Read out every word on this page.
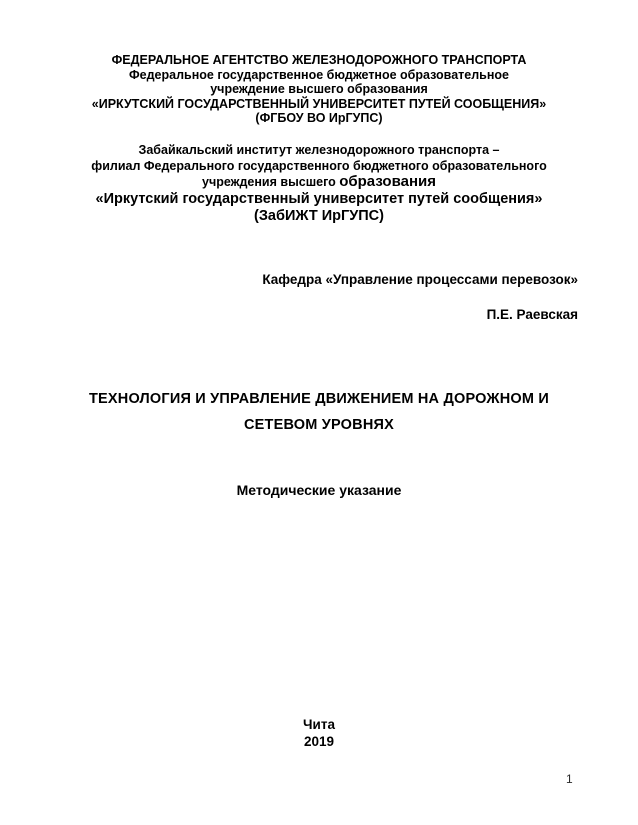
ФЕДЕРАЛЬНОЕ АГЕНТСТВО ЖЕЛЕЗНОДОРОЖНОГО ТРАНСПОРТА
Федеральное государственное бюджетное образовательное
учреждение высшего образования
«ИРКУТСКИЙ ГОСУДАРСТВЕННЫЙ УНИВЕРСИТЕТ ПУТЕЙ СООБЩЕНИЯ»
(ФГБОУ ВО ИрГУПС)
Забайкальский институт железнодорожного транспорта –
филиал Федерального государственного бюджетного образовательного
учреждения высшего образования
«Иркутский государственный университет путей сообщения»
(ЗабИЖТ ИрГУПС)
Кафедра «Управление процессами перевозок»
П.Е. Раевская
ТЕХНОЛОГИЯ И УПРАВЛЕНИЕ ДВИЖЕНИЕМ НА ДОРОЖНОМ И
СЕТЕВОМ УРОВНЯХ
Методические указание
Чита
2019
1
